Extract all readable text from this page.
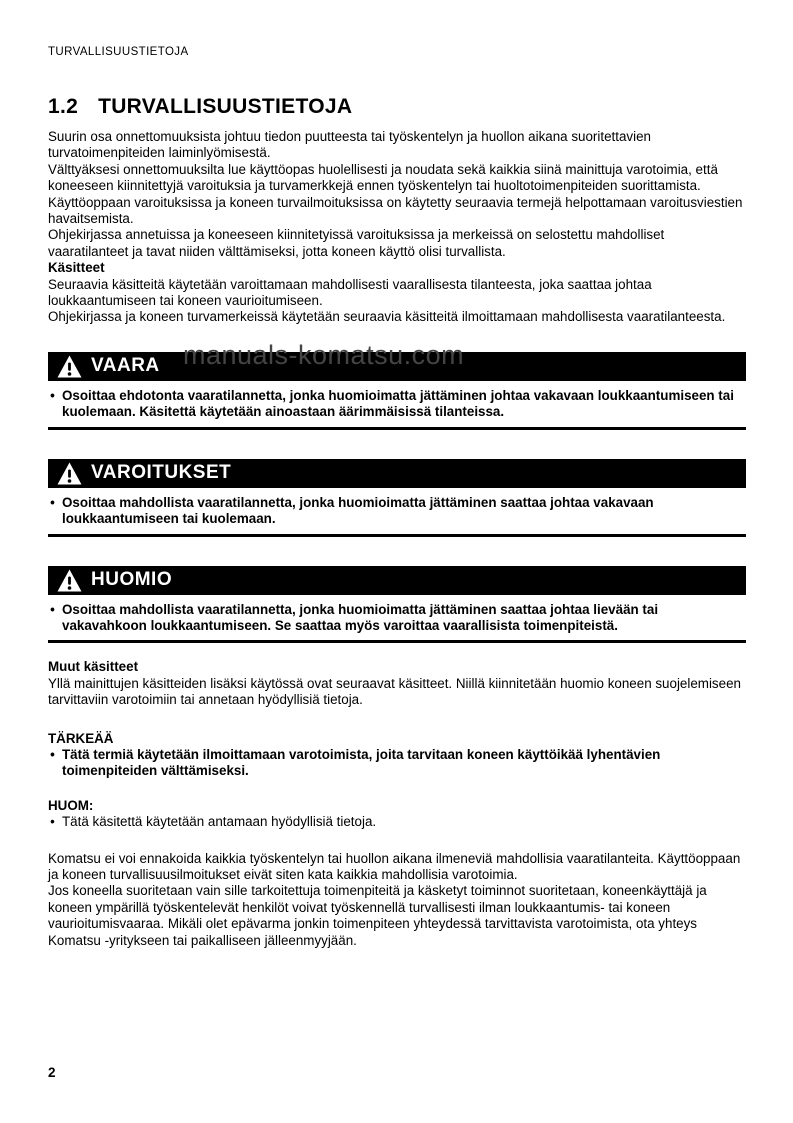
TURVALLISUUSTIETOJA
1.2 TURVALLISUUSTIETOJA

Suurin osa onnettomuuksista johtuu tiedon puutteesta tai työskentelyn ja huollon aikana suoritettavien turvatoimenpiteiden laiminlyömisestä.

Välttyäksesi onnettomuuksilta lue käyttöopas huolellisesti ja noudata sekä kaikkia siinä mainittuja varotoimia, että koneeseen kiinnitettyjä varoituksia ja turvamerkkejä ennen työskentelyn tai huoltotoimenpiteiden suorittamista.

Käyttöoppaan varoituksissa ja koneen turvailmoituksissa on käytetty seuraavia termejä helpottamaan varoitusviestien havaitsemista.

Ohjekirjassa annetuissa ja koneeseen kiinnitetyissä varoituksissa ja merkeissä on selostettu mahdolliset vaaratilanteet ja tavat niiden välttämiseksi, jotta koneen käyttö olisi turvallista.

Käsitteet

Seuraavia käsitteitä käytetään varoittamaan mahdollisesti vaarallisesta tilanteesta, joka saattaa johtaa loukkaantumiseen tai koneen vaurioitumiseen.

Ohjekirjassa ja koneen turvamerkeissä käytetään seuraavia käsitteitä ilmoittamaan mahdollisesta vaaratilanteesta.

VAARA
•
Osoittaa ehdotonta vaaratilannetta, jonka huomioimatta jättäminen johtaa vakavaan loukkaantumiseen tai kuolemaan. Käsitettä käytetään ainoastaan äärimmäisissä tilanteissa.
VAROITUKSET
•
Osoittaa mahdollista vaaratilannetta, jonka huomioimatta jättäminen saattaa johtaa vakavaan loukkaantumiseen tai kuolemaan.
HUOMIO
•
Osoittaa mahdollista vaaratilannetta, jonka huomioimatta jättäminen saattaa johtaa lievään tai vakavahkoon loukkaantumiseen. Se saattaa myös varoittaa vaarallisista toimenpiteistä.

Muut käsitteet

Yllä mainittujen käsitteiden lisäksi käytössä ovat seuraavat käsitteet. Niillä kiinnitetään huomio koneen suojelemiseen tarvittaviin varotoimiin tai annetaan hyödyllisiä tietoja.

TÄRKEÄÄ

•
Tätä termiä käytetään ilmoittamaan varotoimista, joita tarvitaan koneen käyttöikää lyhentävien toimenpiteiden välttämiseksi.

HUOM:

•
Tätä käsitettä käytetään antamaan hyödyllisiä tietoja.

Komatsu ei voi ennakoida kaikkia työskentelyn tai huollon aikana ilmeneviä mahdollisia vaaratilanteita. Käyttöoppaan ja koneen turvallisuusilmoitukset eivät siten kata kaikkia mahdollisia varotoimia.

Jos koneella suoritetaan vain sille tarkoitettuja toimenpiteitä ja käsketyt toiminnot suoritetaan, koneenkäyttäjä ja koneen ympärillä työskentelevät henkilöt voivat työskennellä turvallisesti ilman loukkaantumis- tai koneen vaurioitumisvaaraa. Mikäli olet epävarma jonkin toimenpiteen yhteydessä tarvittavista varotoimista, ota yhteys Komatsu -yritykseen tai paikalliseen jälleenmyyjään.

manuals-komatsu.com
2
